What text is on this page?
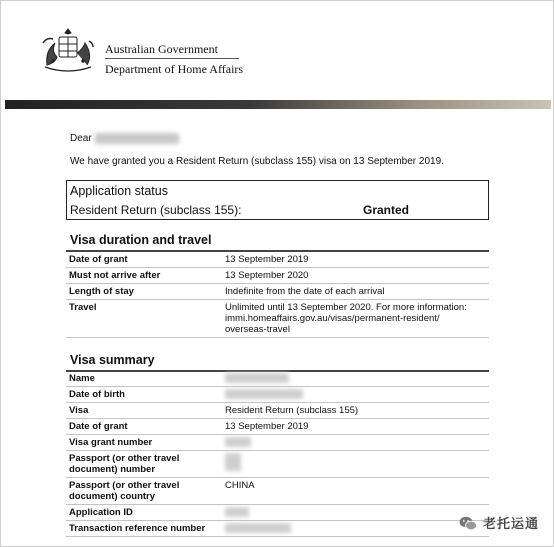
Australian Government
Department of Home Affairs
Dear
We have granted you a Resident Return (subclass 155) visa on 13 September 2019.
Application status
Resident Return (subclass 155):	Granted
Visa duration and travel
Date of grant	13 September 2019
Must not arrive after	13 September 2020
Length of stay	Indefinite from the date of each arrival
Travel	Unlimited until 13 September 2020. For more information:
immi.homeaffairs.gov.au/visas/permanent-resident/
overseas-travel
Visa summary
Name	
Date of birth	
Visa	Resident Return (subclass 155)
Date of grant	13 September 2019
Visa grant number	

Passport (or other travel
document) number	

Passport (or other travel
document) country	CHINA
Application ID	
Transaction reference number		老托运通
